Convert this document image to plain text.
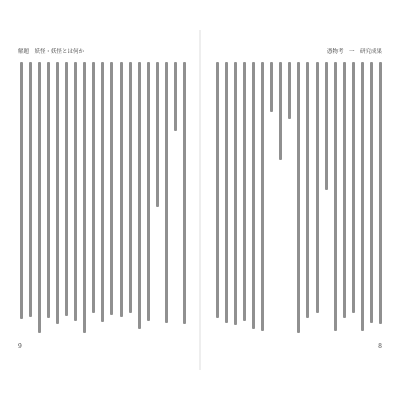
解題　妖怪・妖怪とは何か
9
憑物考　一　研究成果
8
